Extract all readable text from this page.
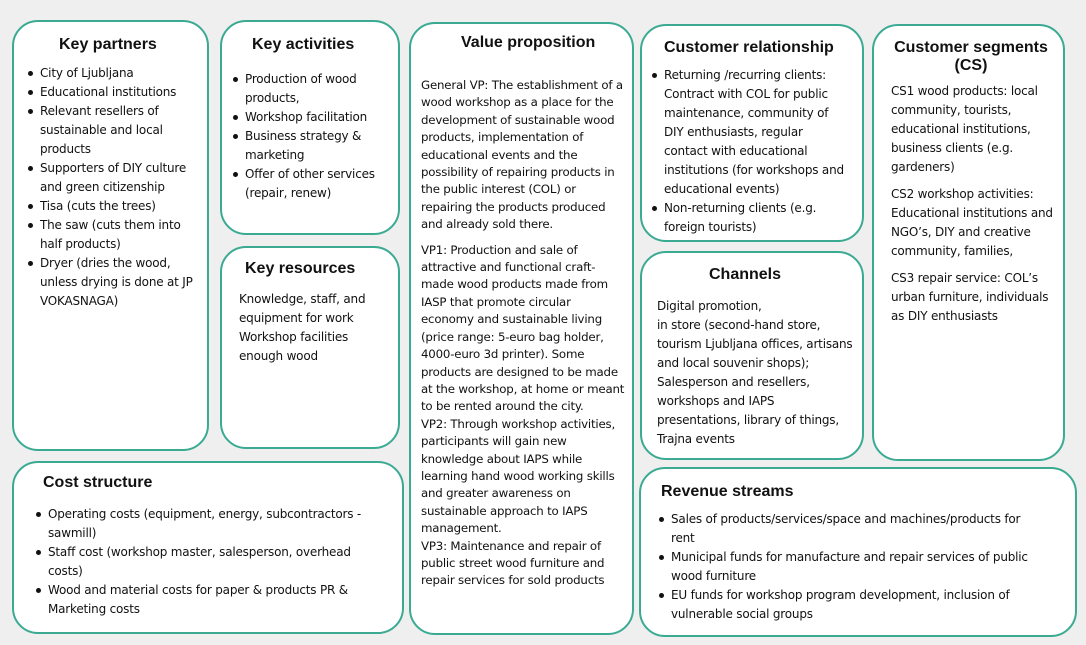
Key partners
City of Ljubljana
Educational institutions
Relevant resellers of sustainable and local products
Supporters of DIY culture and green citizenship
Tisa (cuts the trees)
The saw (cuts them into half products)
Dryer (dries the wood, unless drying is done at JP VOKASNAGA)
Key activities
Production of wood products,
Workshop facilitation
Business strategy & marketing
Offer of other services (repair, renew)
Key resources

Knowledge, staff, and equipment for work

Workshop facilities

enough wood

Value proposition

General VP: The establishment of a wood workshop as a place for the development of sustainable wood products, implementation of educational events and the possibility of repairing products in the public interest (COL) or repairing the products produced and already sold there.

VP1: Production and sale of attractive and functional craft-made wood products made from IASP that promote circular economy and sustainable living (price range: 5-euro bag holder, 4000-euro 3d printer). Some products are designed to be made at the workshop, at home or meant to be rented around the city.

VP2: Through workshop activities, participants will gain new knowledge about IAPS while learning hand wood working skills and greater awareness on sustainable approach to IAPS management.

VP3: Maintenance and repair of public street wood furniture and repair services for sold products

Customer relationship
Returning /recurring clients: Contract with COL for public maintenance, community of DIY enthusiasts, regular contact with educational institutions (for workshops and educational events)
Non-returning clients (e.g. foreign tourists)
Channels

Digital promotion,

in store (second-hand store, tourism Ljubljana offices, artisans and local souvenir shops); Salesperson and resellers, workshops and IAPS presentations, library of things, Trajna events

Customer segments (CS)

CS1 wood products: local community, tourists, educational institutions, business clients (e.g. gardeners)

CS2 workshop activities: Educational institutions and NGO’s, DIY and creative community, families,

CS3 repair service: COL’s urban furniture, individuals as DIY enthusiasts

Cost structure
Operating costs (equipment, energy, subcontractors - sawmill)
Staff cost (workshop master, salesperson, overhead costs)
Wood and material costs for paper & products PR & Marketing costs
Revenue streams
Sales of products/services/space and machines/products for rent
Municipal funds for manufacture and repair services of public wood furniture
EU funds for workshop program development, inclusion of vulnerable social groups
